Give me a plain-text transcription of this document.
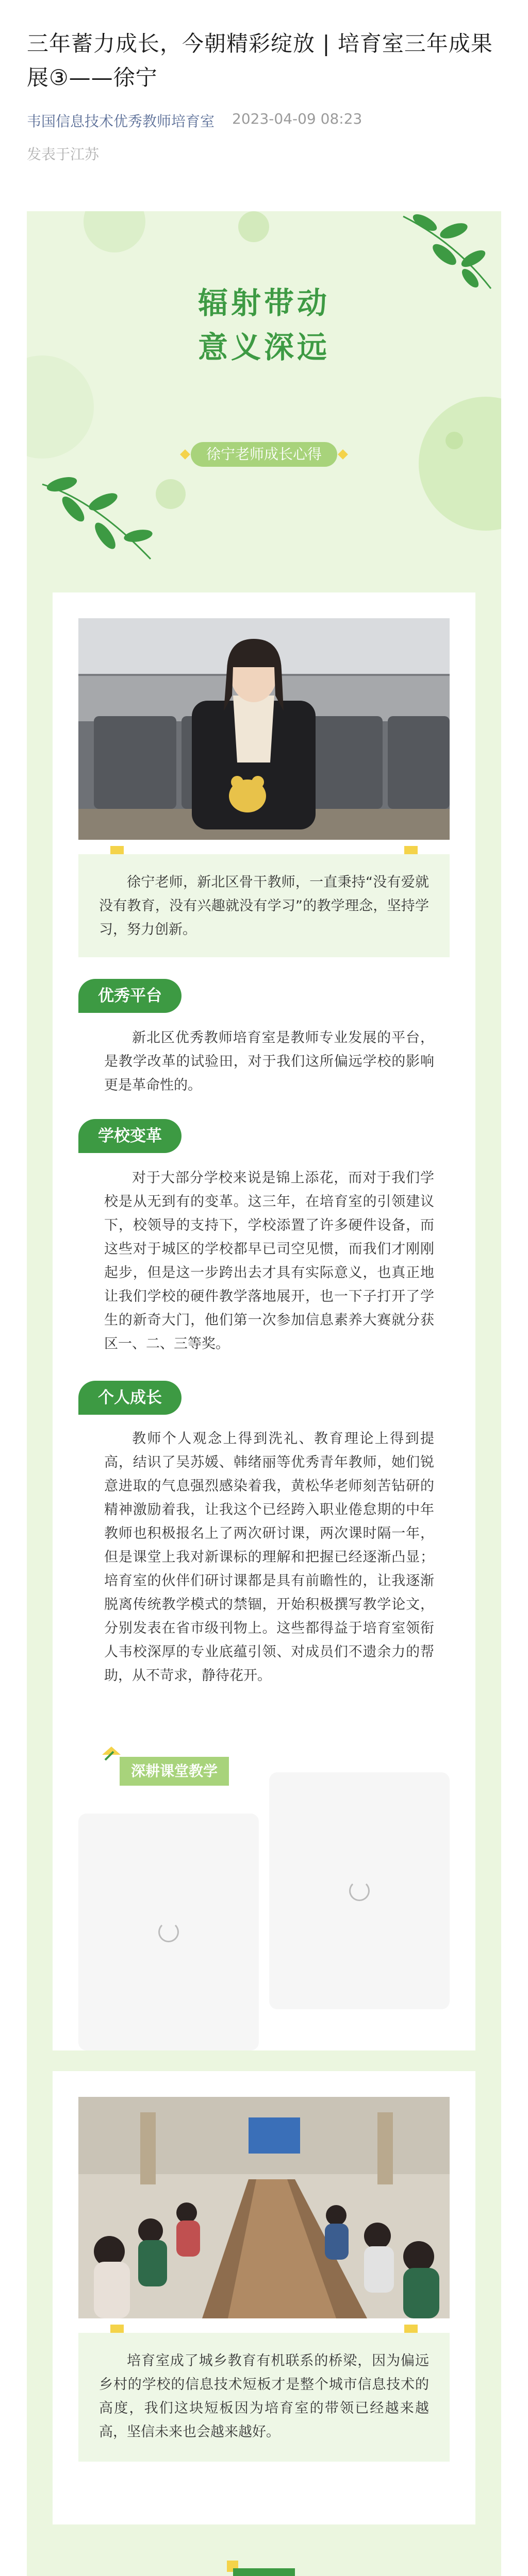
三年蓄力成长，今朝精彩绽放 | 培育室三年成果展③——徐宁
韦国信息技术优秀教师培育室 2023-04-09 08:23
发表于江苏
辐射带动
意义深远
徐宁老师成长心得
徐宁老师，新北区骨干教师，一直秉持“没有爱就没有教育，没有兴趣就没有学习”的教学理念，坚持学习，努力创新。
优秀平台
新北区优秀教师培育室是教师专业发展的平台，是教学改革的试验田，对于我们这所偏远学校的影响更是革命性的。
学校变革
对于大部分学校来说是锦上添花，而对于我们学校是从无到有的变革。这三年，在培育室的引领建议下，校领导的支持下，学校添置了许多硬件设备，而这些对于城区的学校都早已司空见惯，而我们才刚刚起步，但是这一步跨出去才具有实际意义，也真正地让我们学校的硬件教学落地展开，也一下子打开了学生的新奇大门，他们第一次参加信息素养大赛就分获区一、二、三等奖。
个人成长
教师个人观念上得到洗礼、教育理论上得到提高，结识了吴苏媛、韩绪丽等优秀青年教师，她们锐意进取的气息强烈感染着我，黄松华老师刻苦钻研的精神激励着我，让我这个已经跨入职业倦怠期的中年教师也积极报名上了两次研讨课，两次课时隔一年，但是课堂上我对新课标的理解和把握已经逐渐凸显；培育室的伙伴们研讨课都是具有前瞻性的，让我逐渐脱离传统教学模式的禁锢，开始积极撰写教学论文，分别发表在省市级刊物上。这些都得益于培育室领衔人韦校深厚的专业底蕴引领、对成员们不遗余力的帮助，从不苛求，静待花开。
深耕课堂教学
培育室成了城乡教育有机联系的桥梁，因为偏远乡村的学校的信息技术短板才是整个城市信息技术的高度，我们这块短板因为培育室的带领已经越来越高，坚信未来也会越来越好。
